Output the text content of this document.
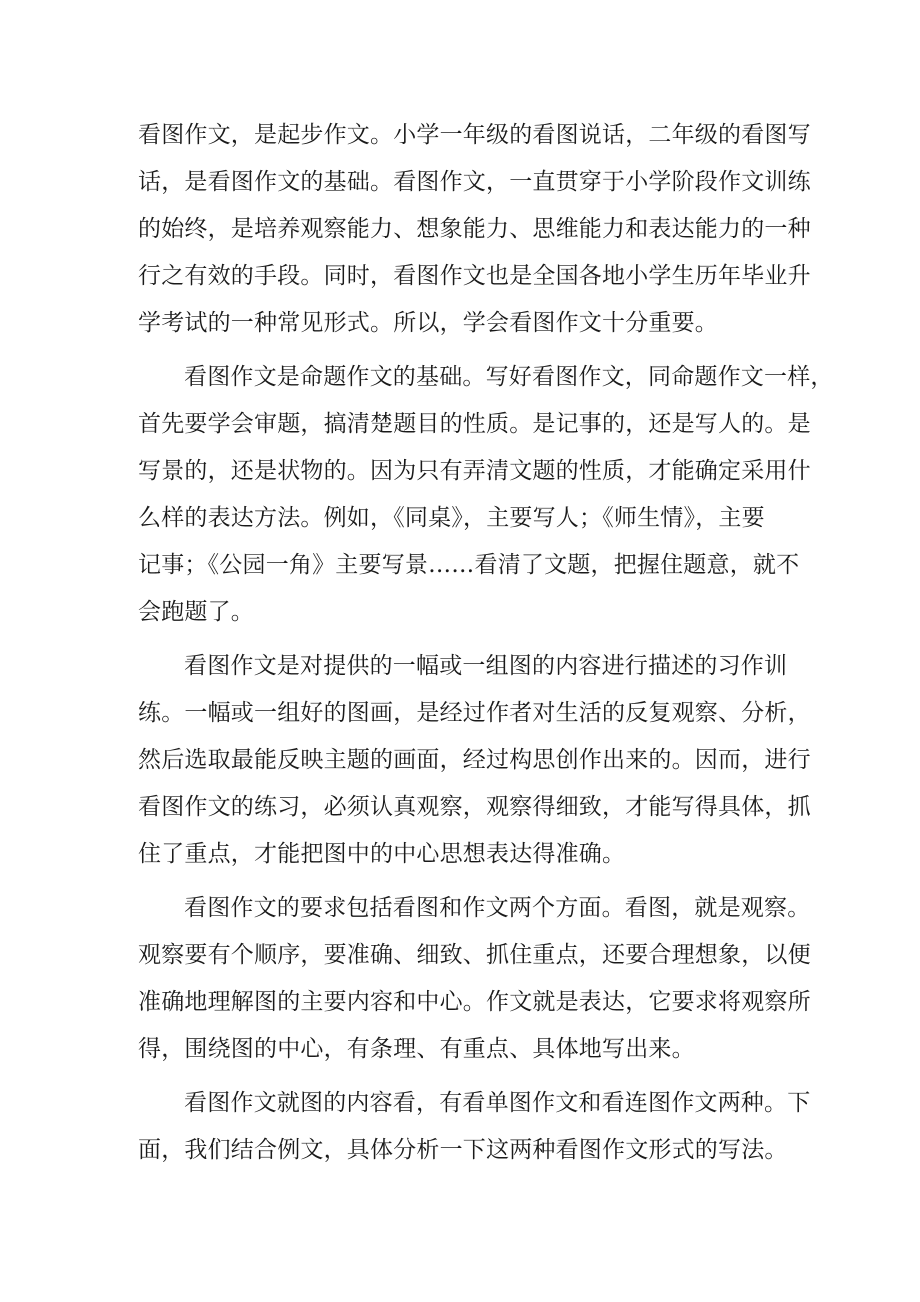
看图作文，是起步作文。小学一年级的看图说话，二年级的看图写
话，是看图作文的基础。看图作文，一直贯穿于小学阶段作文训练
的始终，是培养观察能力、想象能力、思维能力和表达能力的一种
行之有效的手段。同时，看图作文也是全国各地小学生历年毕业升
学考试的一种常见形式。所以，学会看图作文十分重要。
看图作文是命题作文的基础。写好看图作文，同命题作文一样，
首先要学会审题，搞清楚题目的性质。是记事的，还是写人的。是
写景的，还是状物的。因为只有弄清文题的性质，才能确定采用什
么样的表达方法。例如，《同桌》，主要写人；《师生情》，主要
记事；《公园一角》主要写景……看清了文题，把握住题意，就不
会跑题了。
看图作文是对提供的一幅或一组图的内容进行描述的习作训
练。一幅或一组好的图画，是经过作者对生活的反复观察、分析，
然后选取最能反映主题的画面，经过构思创作出来的。因而，进行
看图作文的练习，必须认真观察，观察得细致，才能写得具体，抓
住了重点，才能把图中的中心思想表达得准确。
看图作文的要求包括看图和作文两个方面。看图，就是观察。
观察要有个顺序，要准确、细致、抓住重点，还要合理想象，以便
准确地理解图的主要内容和中心。作文就是表达，它要求将观察所
得，围绕图的中心，有条理、有重点、具体地写出来。
看图作文就图的内容看，有看单图作文和看连图作文两种。下
面，我们结合例文，具体分析一下这两种看图作文形式的写法。
